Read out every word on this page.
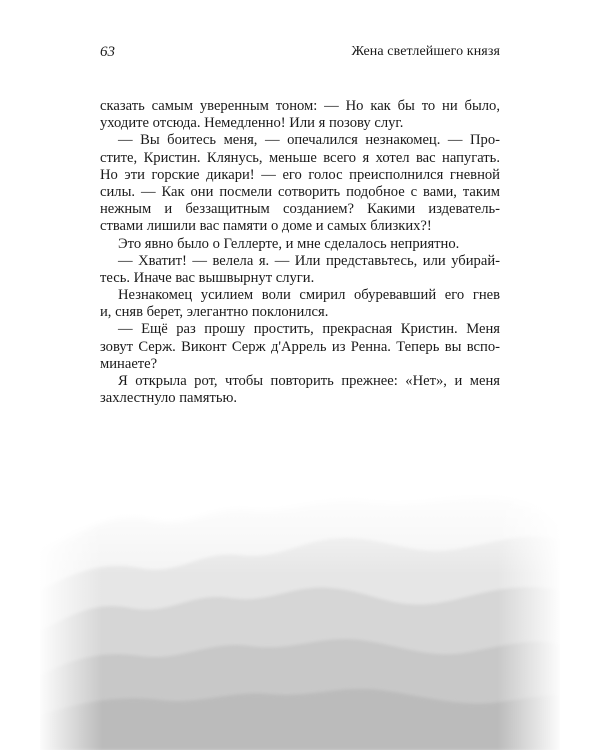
63	Жена светлейшего князя
сказать самым уверенным тоном: — Но как бы то ни было,
уходите отсюда. Немедленно! Или я позову слуг.
— Вы боитесь меня, — опечалился незнакомец. — Про-
стите, Кристин. Клянусь, меньше всего я хотел вас напугать.
Но эти горские дикари! — его голос преисполнился гневной
силы. — Как они посмели сотворить подобное с вами, таким
нежным и беззащитным созданием? Какими издеватель-
ствами лишили вас памяти о доме и самых близких?!
Это явно было о Геллерте, и мне сделалось неприятно.
— Хватит! — велела я. — Или представьтесь, или убирай-
тесь. Иначе вас вышвырнут слуги.
Незнакомец усилием воли смирил обуревавший его гнев
и, сняв берет, элегантно поклонился.
— Ещё раз прошу простить, прекрасная Кристин. Меня
зовут Серж. Виконт Серж д'Аррель из Ренна. Теперь вы вспо-
минаете?
Я открыла рот, чтобы повторить прежнее: «Нет», и меня
захлестнуло памятью.
